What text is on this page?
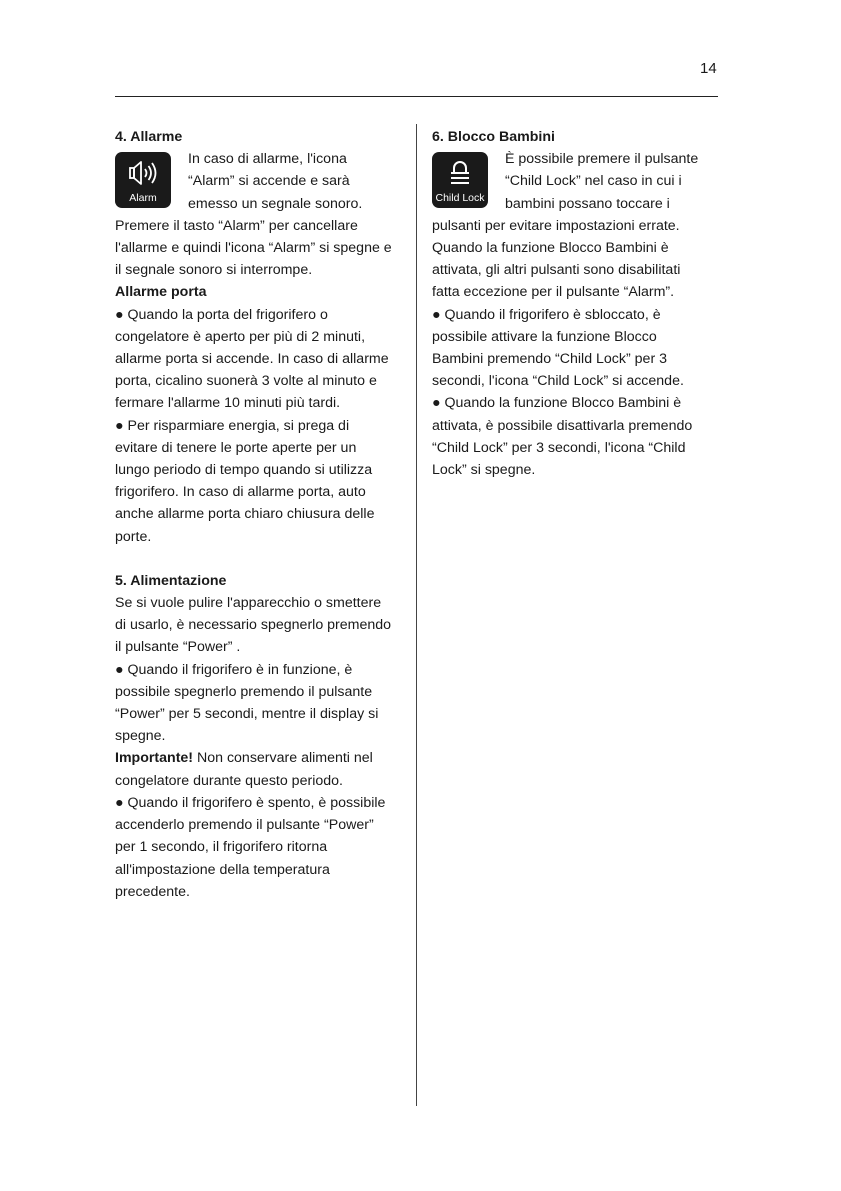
14

4. Allarme

Alarm

In caso di allarme, l'icona

“Alarm” si accende e sarà

emesso un segnale sonoro.

Premere il tasto “Alarm” per cancellare

l'allarme e quindi l'icona “Alarm” si spegne e

il segnale sonoro si interrompe.

Allarme porta

● Quando la porta del frigorifero o

congelatore è aperto per più di 2 minuti,

allarme porta si accende. In caso di allarme

porta, cicalino suonerà 3 volte al minuto e

fermare l'allarme 10 minuti più tardi.

● Per risparmiare energia, si prega di

evitare di tenere le porte aperte per un

lungo periodo di tempo quando si utilizza

frigorifero. In caso di allarme porta, auto

anche allarme porta chiaro chiusura delle

porte.

5. Alimentazione

Se si vuole pulire l'apparecchio o smettere

di usarlo, è necessario spegnerlo premendo

il pulsante “Power” .

● Quando il frigorifero è in funzione, è

possibile spegnerlo premendo il pulsante

“Power” per 5 secondi, mentre il display si

spegne.

Importante! Non conservare alimenti nel

congelatore durante questo periodo.

● Quando il frigorifero è spento, è possibile

accenderlo premendo il pulsante “Power”

per 1 secondo, il frigorifero ritorna

all'impostazione della temperatura

precedente.

6. Blocco Bambini

Child Lock

È possibile premere il pulsante

“Child Lock” nel caso in cui i

bambini possano toccare i

pulsanti per evitare impostazioni errate.

Quando la funzione Blocco Bambini è

attivata, gli altri pulsanti sono disabilitati

fatta eccezione per il pulsante “Alarm”.

● Quando il frigorifero è sbloccato, è

possibile attivare la funzione Blocco

Bambini premendo “Child Lock” per 3

secondi, l'icona “Child Lock” si accende.

● Quando la funzione Blocco Bambini è

attivata, è possibile disattivarla premendo

“Child Lock” per 3 secondi, l'icona “Child

Lock” si spegne.
